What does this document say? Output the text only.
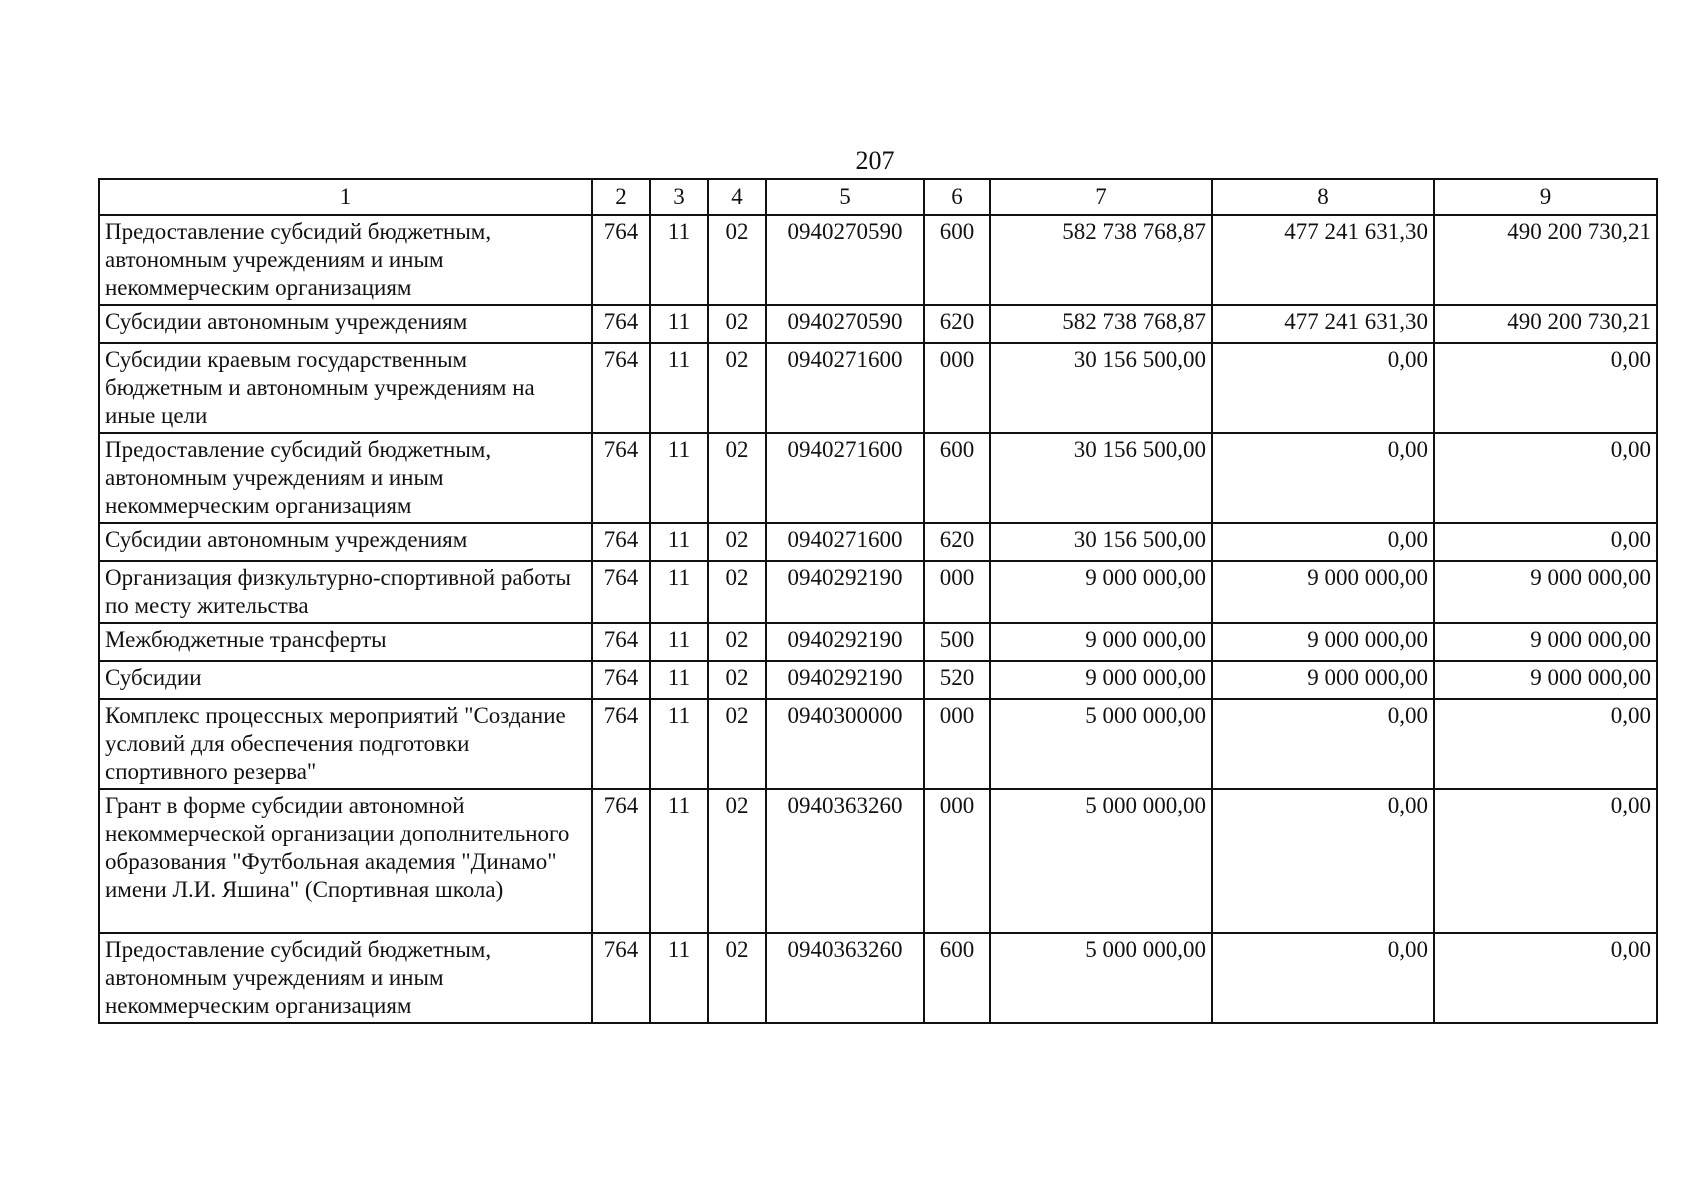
207
1	2	3	4	5	6	7	8	9
Предоставление субсидий бюджетным, автономным учреждениям и иным некоммерческим организациям	764	11	02	0940270590	600	582 738 768,87	477 241 631,30	490 200 730,21
Субсидии автономным учреждениям	764	11	02	0940270590	620	582 738 768,87	477 241 631,30	490 200 730,21
Субсидии краевым государственным бюджетным и автономным учреждениям на иные цели	764	11	02	0940271600	000	30 156 500,00	0,00	0,00
Предоставление субсидий бюджетным, автономным учреждениям и иным некоммерческим организациям	764	11	02	0940271600	600	30 156 500,00	0,00	0,00
Субсидии автономным учреждениям	764	11	02	0940271600	620	30 156 500,00	0,00	0,00
Организация физкультурно-спортивной работы по месту жительства	764	11	02	0940292190	000	9 000 000,00	9 000 000,00	9 000 000,00
Межбюджетные трансферты	764	11	02	0940292190	500	9 000 000,00	9 000 000,00	9 000 000,00
Субсидии	764	11	02	0940292190	520	9 000 000,00	9 000 000,00	9 000 000,00
Комплекс процессных мероприятий "Создание условий для обеспечения подготовки спортивного резерва"	764	11	02	0940300000	000	5 000 000,00	0,00	0,00
Грант в форме субсидии автономной некоммерческой организации дополнительного образования "Футбольная академия "Динамо" имени Л.И. Яшина" (Спортивная школа)	764	11	02	0940363260	000	5 000 000,00	0,00	0,00
Предоставление субсидий бюджетным, автономным учреждениям и иным некоммерческим организациям	764	11	02	0940363260	600	5 000 000,00	0,00	0,00
